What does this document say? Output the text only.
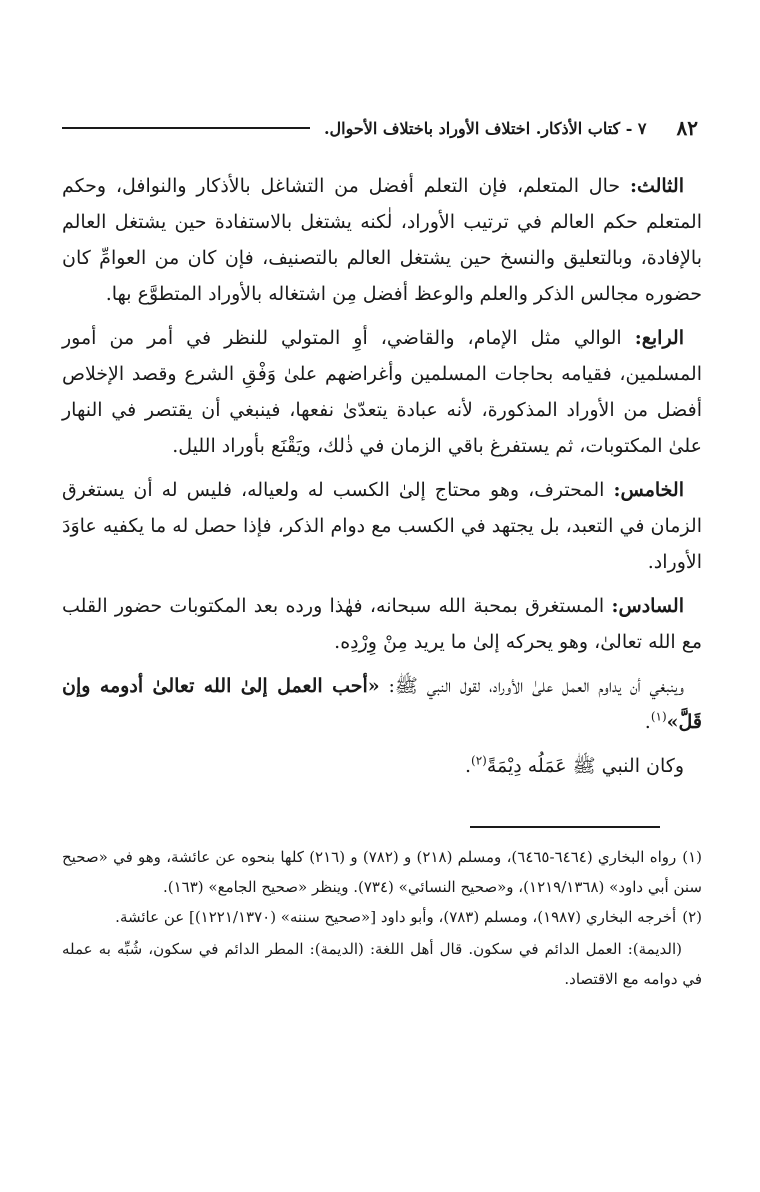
٨٢
٧ - كتاب الأذكار. اختلاف الأوراد باختلاف الأحوال.

الثالث: حال المتعلم، فإن التعلم أفضل من التشاغل بالأذكار والنوافل، وحكم المتعلم حكم العالم في ترتيب الأوراد، لٰكنه يشتغل بالاستفادة حين يشتغل العالم بالإفادة، وبالتعليق والنسخ حين يشتغل العالم بالتصنيف، فإن كان من العوامِّ كان حضوره مجالس الذكر والعلم والوعظ أفضل مِن اشتغاله بالأوراد المتطوَّع بها.

الرابع: الوالي مثل الإمام، والقاضي، أوِ المتولي للنظر في أمر من أمور المسلمين، فقيامه بحاجات المسلمين وأغراضهم علىٰ وَفْقِ الشرع وقصد الإخلاص أفضل من الأوراد المذكورة، لأنه عبادة يتعدّىٰ نفعها، فينبغي أن يقتصر في النهار علىٰ المكتوبات، ثم يستفرغ باقي الزمان في ذٰلك، ويَقْنَع بأوراد الليل.

الخامس: المحترف، وهو محتاج إلىٰ الكسب له ولعياله، فليس له أن يستغرق الزمان في التعبد، بل يجتهد في الكسب مع دوام الذكر، فإذا حصل له ما يكفيه عاوَدَ الأوراد.

السادس: المستغرق بمحبة الله سبحانه، فهٰذا ورده بعد المكتوبات حضور القلب مع الله تعالىٰ، وهو يحركه إلىٰ ما يريد مِنْ وِرْدِه.

وينبغي أن يداوم العمل علىٰ الأوراد، لقول النبي ﷺ: «أحب العمل إلىٰ الله تعالىٰ أدومه وإن قَلَّ»$^{(١)}$.

وكان النبي ﷺ عَمَلُه دِيْمَةً$^{(٢)}$.

(١)رواه البخاري (٦٤٦٤-٦٤٦٥)، ومسلم (٢١٨) و (٧٨٢) و (٢١٦) كلها بنحوه عن عائشة، وهو في «صحيح سنن أبي داود» (١٢١٩/١٣٦٨)، و«صحيح النسائي» (٧٣٤). وينظر «صحيح الجامع» (١٦٣).

(٢)أخرجه البخاري (١٩٨٧)، ومسلم (٧٨٣)، وأبو داود [«صحيح سننه» (١٢٢١/١٣٧٠)] عن عائشة.

(الديمة): العمل الدائم في سكون. قال أهل اللغة: (الديمة): المطر الدائم في سكون، شُبِّه به عمله في دوامه مع الاقتصاد.
